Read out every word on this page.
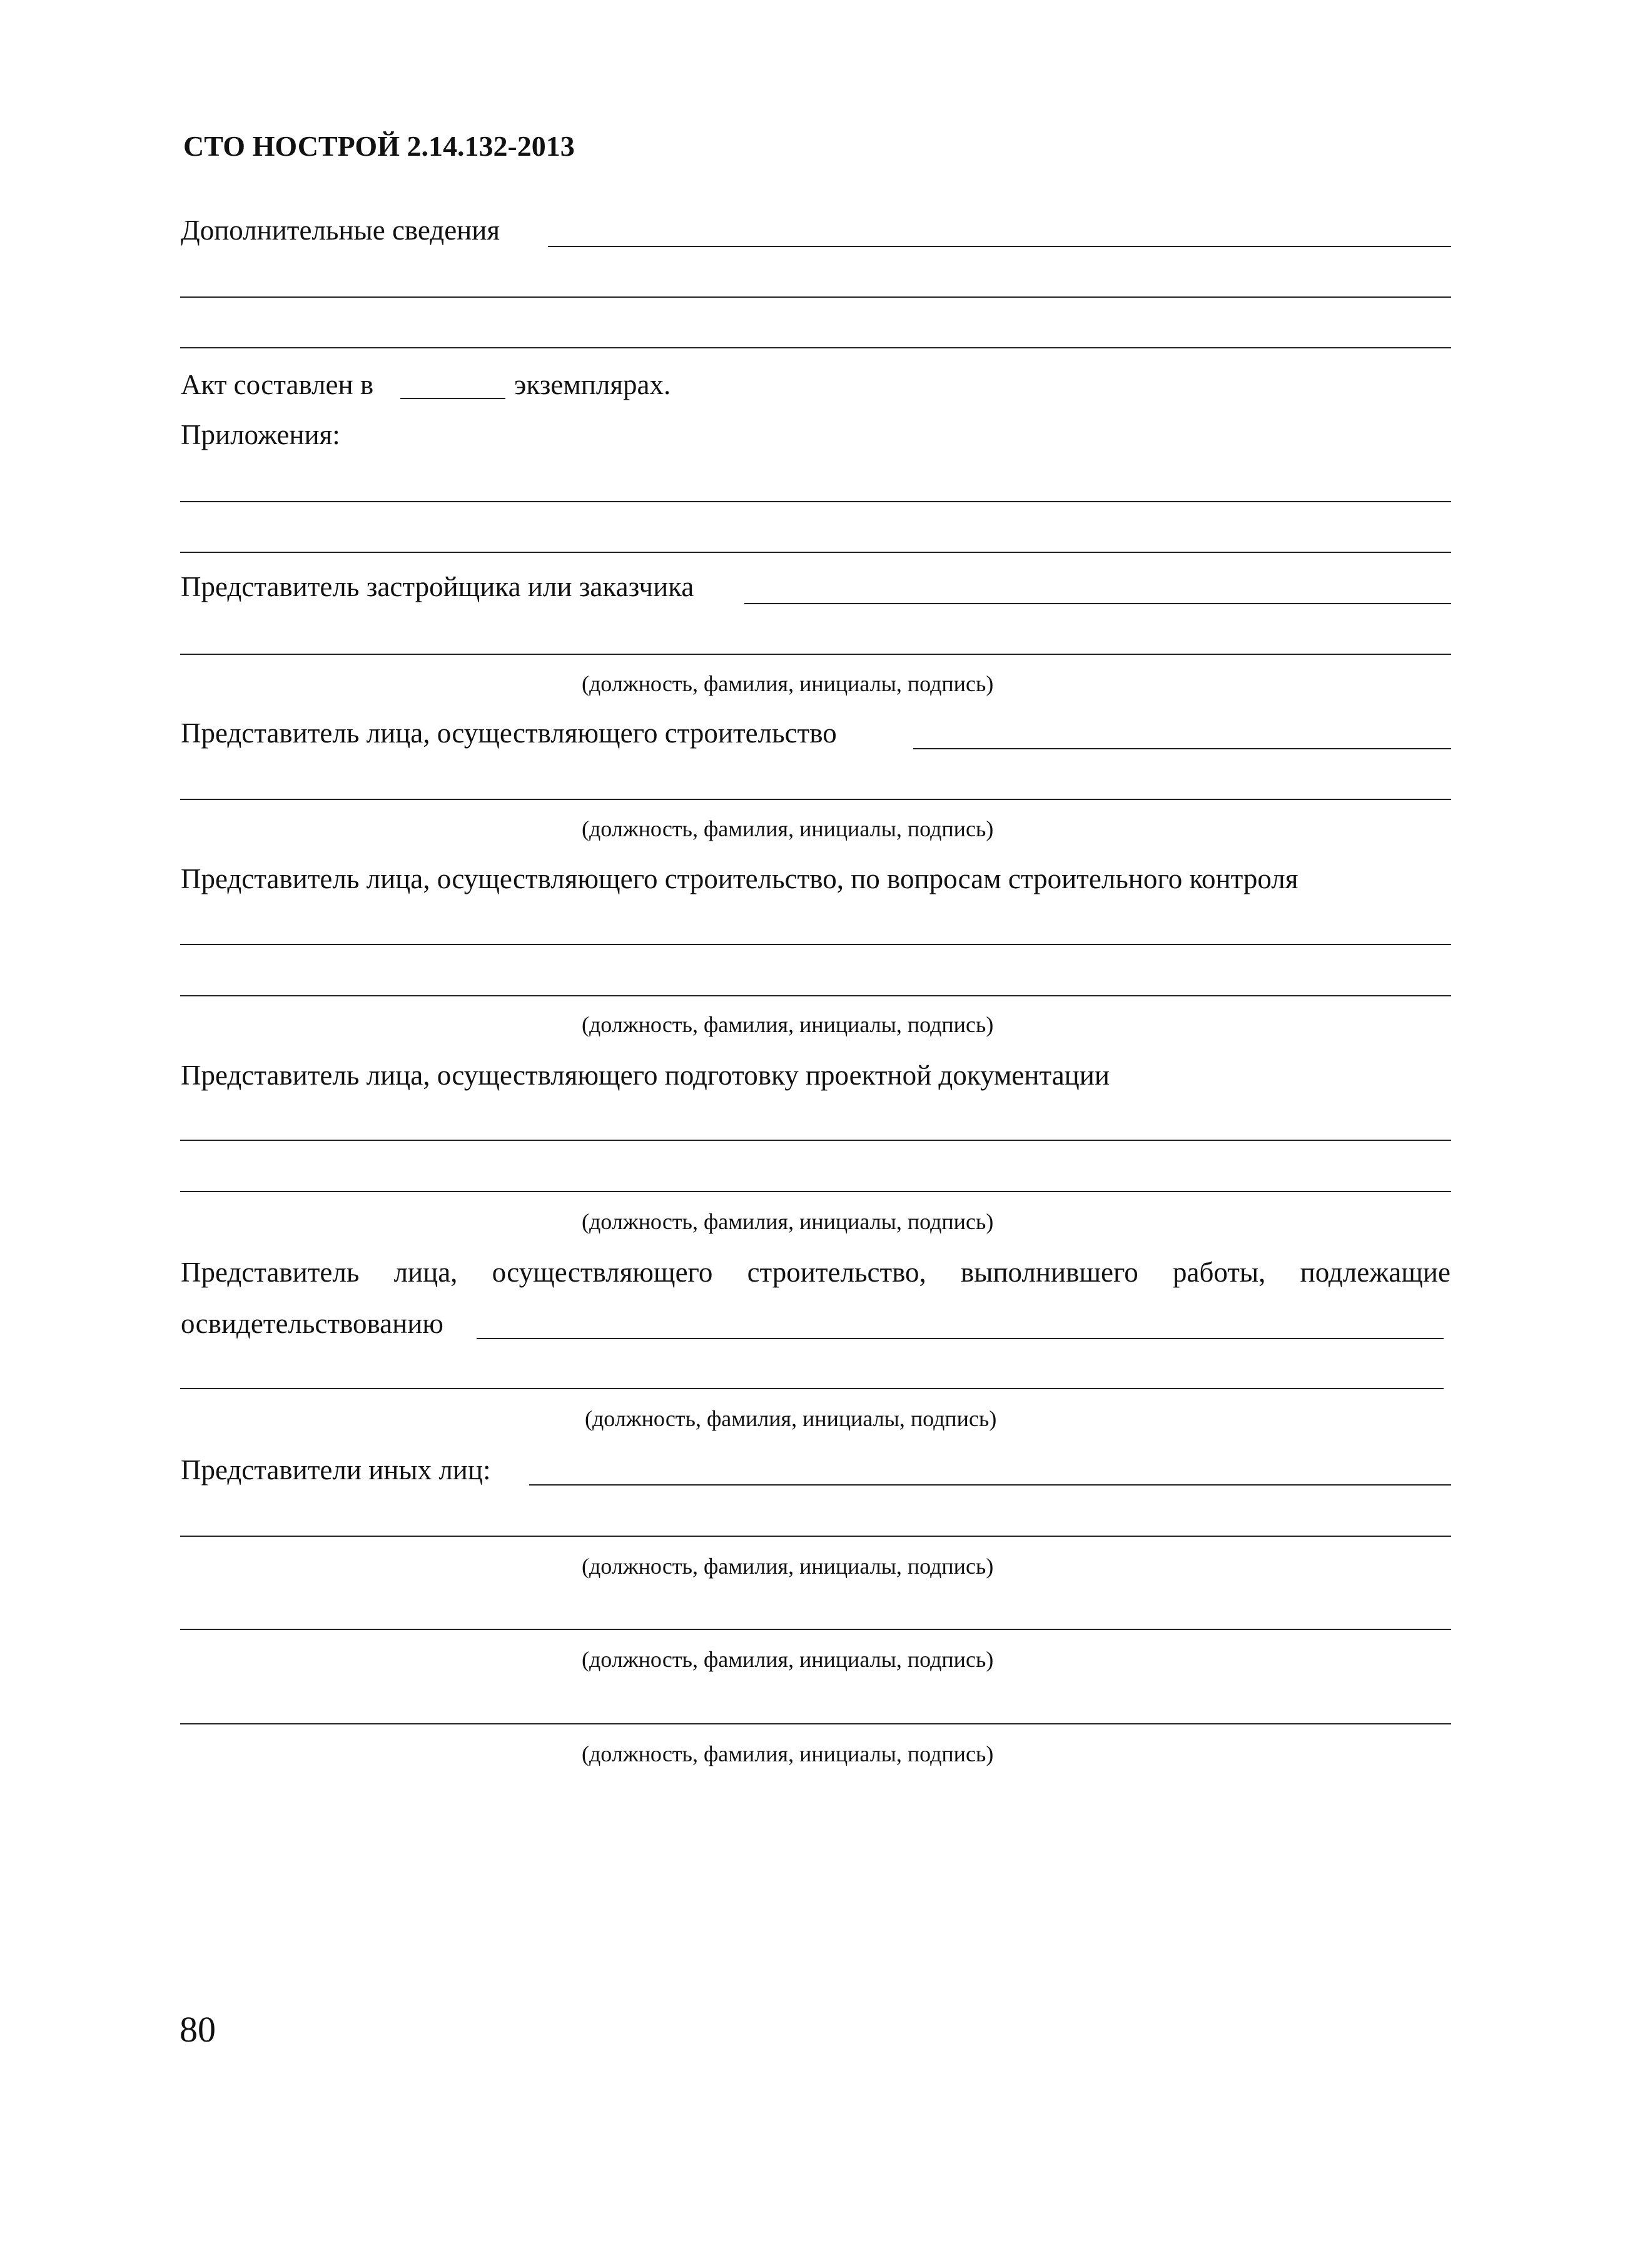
СТО НОСТРОЙ 2.14.132-2013
Дополнительные сведения
Акт составлен в	экземплярах.
Приложения:
Представитель застройщика или заказчика
(должность, фамилия, инициалы, подпись)
Представитель лица, осуществляющего строительство
(должность, фамилия, инициалы, подпись)
Представитель лица, осуществляющего строительство, по вопросам строительного контроля
(должность, фамилия, инициалы, подпись)
Представитель лица, осуществляющего подготовку проектной документации
(должность, фамилия, инициалы, подпись)
Представитель лица, осуществляющего строительство, выполнившего работы, подлежащие
освидетельствованию
(должность, фамилия, инициалы, подпись)
Представители иных лиц:
(должность, фамилия, инициалы, подпись)
(должность, фамилия, инициалы, подпись)
(должность, фамилия, инициалы, подпись)
80
